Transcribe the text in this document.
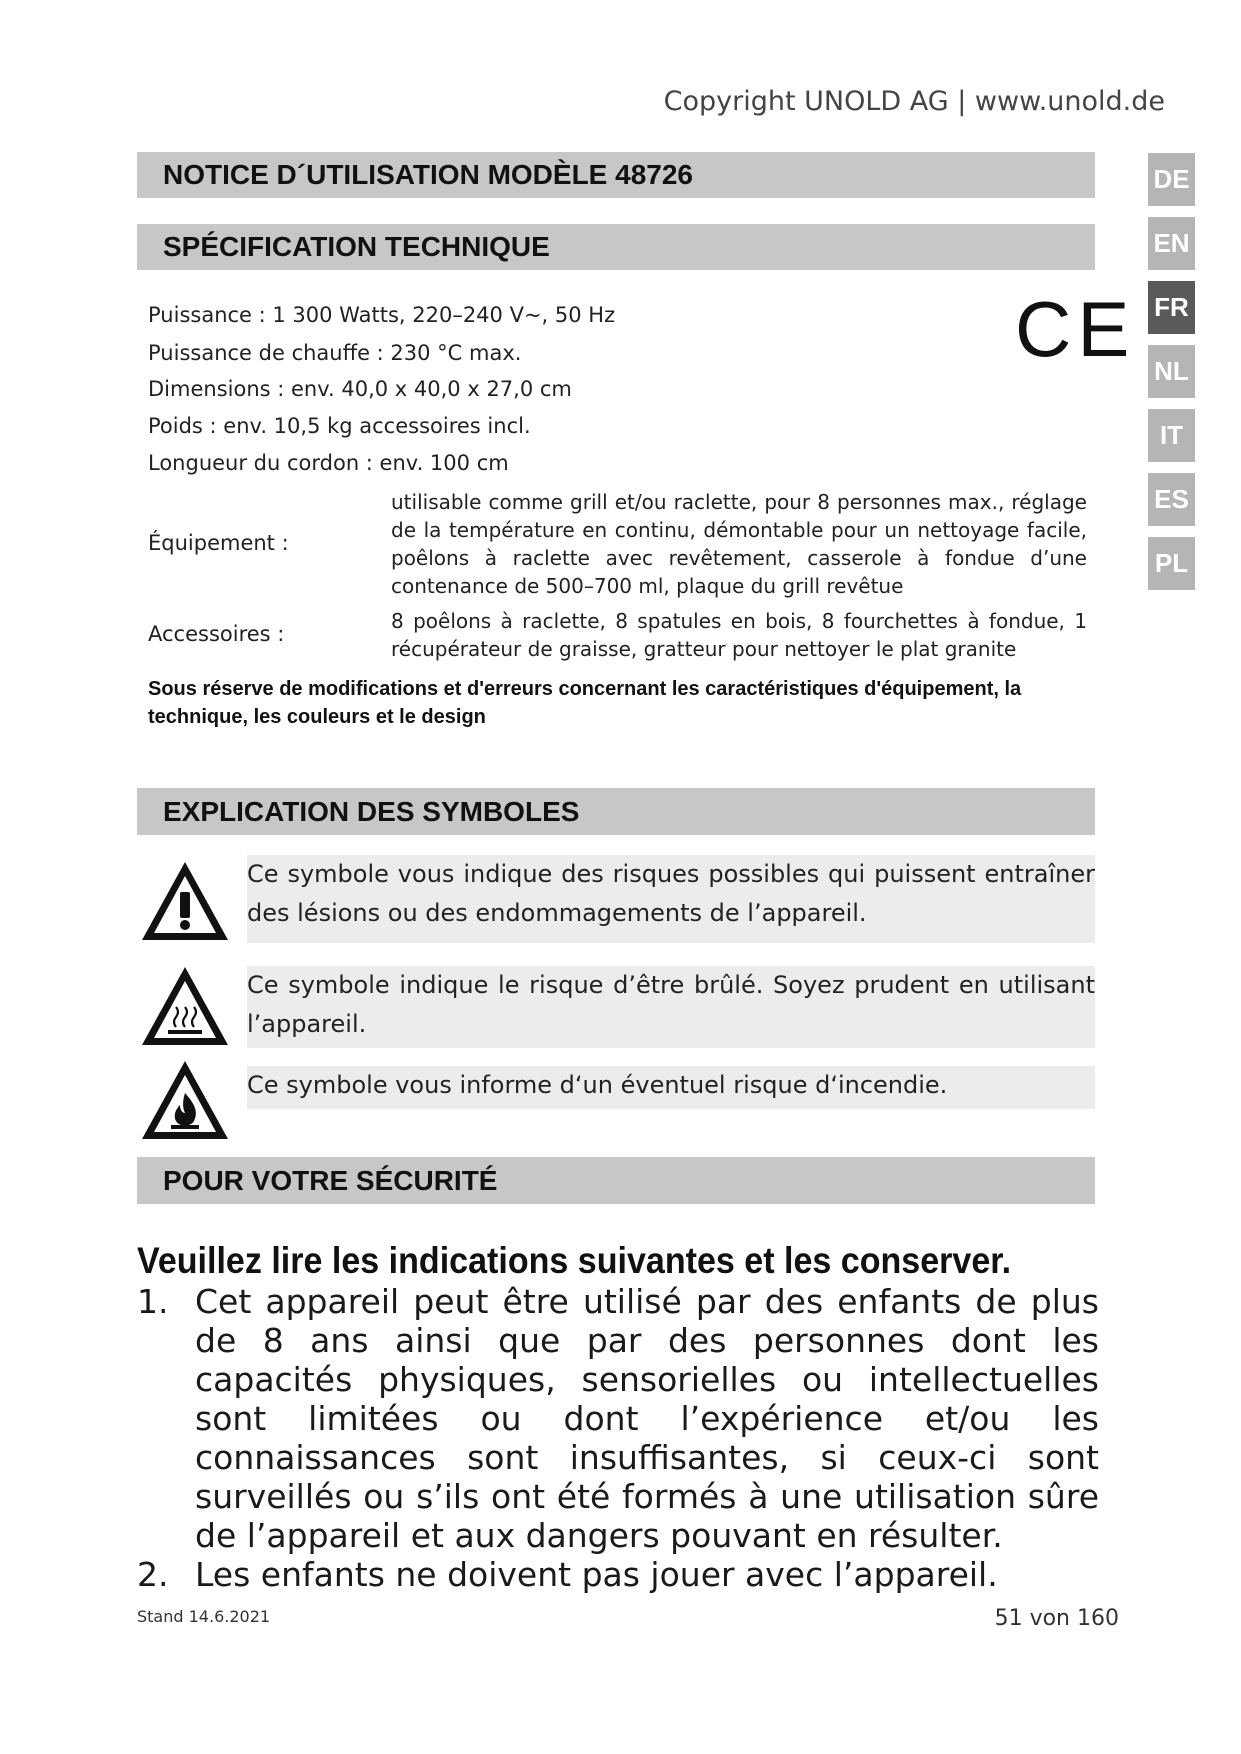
Copyright UNOLD AG | www.unold.de
NOTICE D´UTILISATION MODÈLE 48726	DE
EN
FR
NL
IT
ES
PL
SPÉCIFICATION TECHNIQUE
Puissance : 1 300 Watts, 220–240 V~, 50 Hz
Puissance de chauffe : 230 °C max.
Dimensions : env. 40,0 x 40,0 x 27,0 cm
Poids : env. 10,5 kg accessoires incl.
Longueur du cordon : env. 100 cm
CE
Équipement :
utilisable comme grill et/ou raclette, pour 8 personnes max., réglage de la température en continu, démontable pour un nettoyage facile, poêlons à raclette avec revêtement, casserole à fondue d’une contenance de 500–700 ml, plaque du grill revêtue
Accessoires :
8 poêlons à raclette, 8 spatules en bois, 8 fourchettes à fondue, 1 récupérateur de graisse, gratteur pour nettoyer le plat granite
Sous réserve de modifications et d'erreurs concernant les caractéristiques d'équipement, la technique, les couleurs et le design
EXPLICATION DES SYMBOLES
Ce symbole vous indique des risques possibles qui puissent entraîner des lésions ou des endommagements de l’appareil.
Ce symbole indique le risque d’être brûlé. Soyez prudent en utilisant l’appareil.
Ce symbole vous informe d‘un éventuel risque d‘incendie.
POUR VOTRE SÉCURITÉ
Veuillez lire les indications suivantes et les conserver.
1. Cet appareil peut être utilisé par des enfants de plus de 8 ans ainsi que par des personnes dont les capacités physiques, sensorielles ou intellectuelles sont limitées ou dont l’expérience et/ou les connaissances sont insuffisantes, si ceux-ci sont surveillés ou s’ils ont été formés à une utilisation sûre de l’appareil et aux dangers pouvant en résulter.
2. Les enfants ne doivent pas jouer avec l’appareil.
Stand 14.6.2021	51 von 160
